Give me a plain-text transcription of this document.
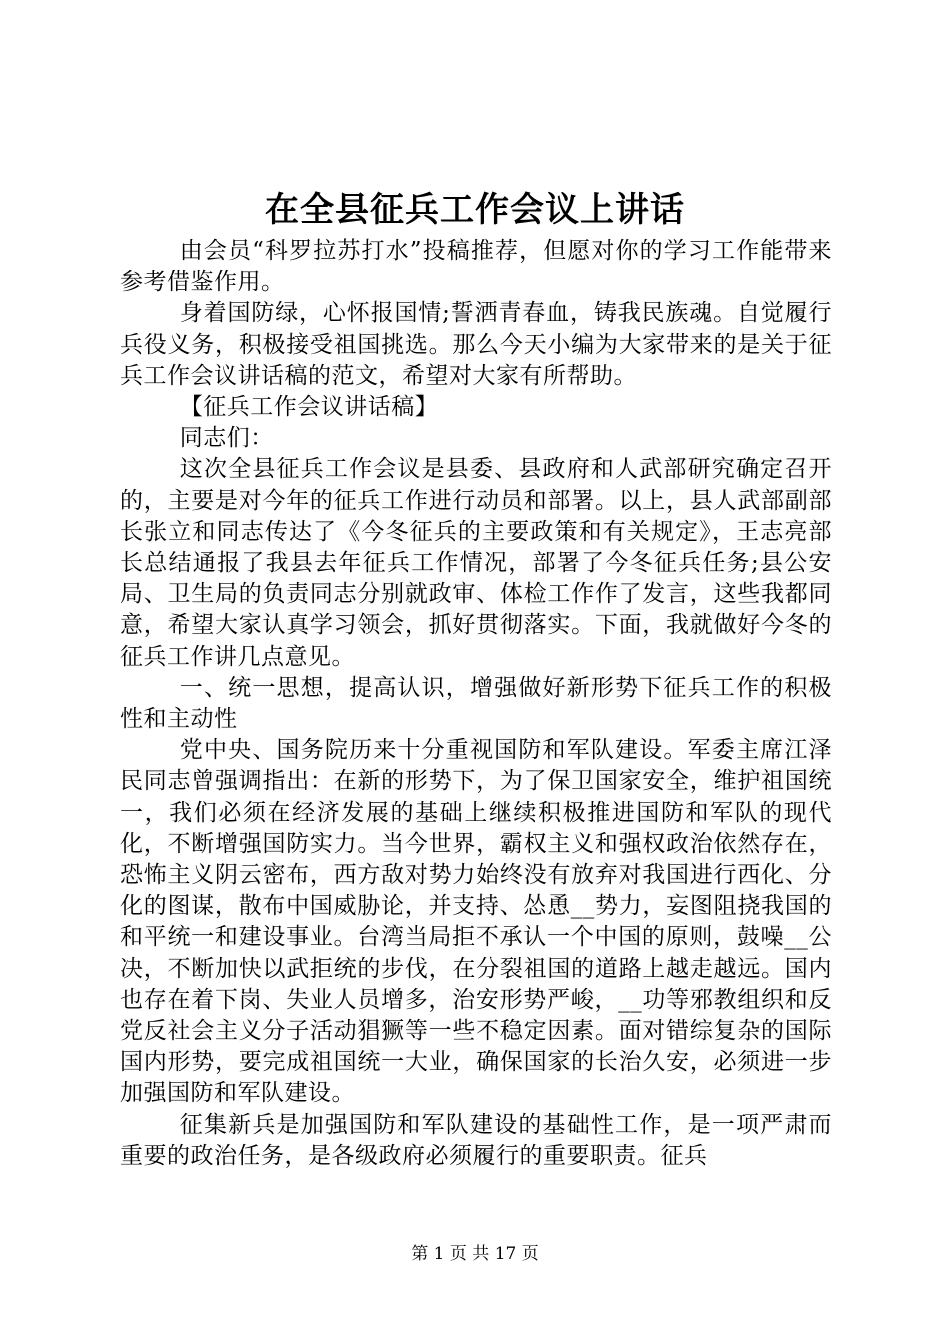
在全县征兵工作会议上讲话

由会员“科罗拉苏打水”投稿推荐，但愿对你的学习工作能带来参考借鉴作用。

身着国防绿，心怀报国情;誓洒青春血，铸我民族魂。自觉履行兵役义务，积极接受祖国挑选。那么今天小编为大家带来的是关于征兵工作会议讲话稿的范文，希望对大家有所帮助。

【征兵工作会议讲话稿】

同志们：

这次全县征兵工作会议是县委、县政府和人武部研究确定召开的，主要是对今年的征兵工作进行动员和部署。以上，县人武部副部长张立和同志传达了《今冬征兵的主要政策和有关规定》，王志亮部长总结通报了我县去年征兵工作情况，部署了今冬征兵任务;县公安局、卫生局的负责同志分别就政审、体检工作作了发言，这些我都同意，希望大家认真学习领会，抓好贯彻落实。下面，我就做好今冬的征兵工作讲几点意见。

一、统一思想，提高认识，增强做好新形势下征兵工作的积极性和主动性

党中央、国务院历来十分重视国防和军队建设。军委主席江泽民同志曾强调指出：在新的形势下，为了保卫国家安全，维护祖国统一，我们必须在经济发展的基础上继续积极推进国防和军队的现代化，不断增强国防实力。当今世界，霸权主义和强权政治依然存在，恐怖主义阴云密布，西方敌对势力始终没有放弃对我国进行西化、分化的图谋，散布中国威胁论，并支持、怂恿__势力，妄图阻挠我国的和平统一和建设事业。台湾当局拒不承认一个中国的原则，鼓噪__公决，不断加快以武拒统的步伐，在分裂祖国的道路上越走越远。国内也存在着下岗、失业人员增多，治安形势严峻，__功等邪教组织和反党反社会主义分子活动猖獗等一些不稳定因素。面对错综复杂的国际国内形势，要完成祖国统一大业，确保国家的长治久安，必须进一步加强国防和军队建设。

征集新兵是加强国防和军队建设的基础性工作，是一项严肃而重要的政治任务，是各级政府必须履行的重要职责。征兵

第 1 页 共 17 页
